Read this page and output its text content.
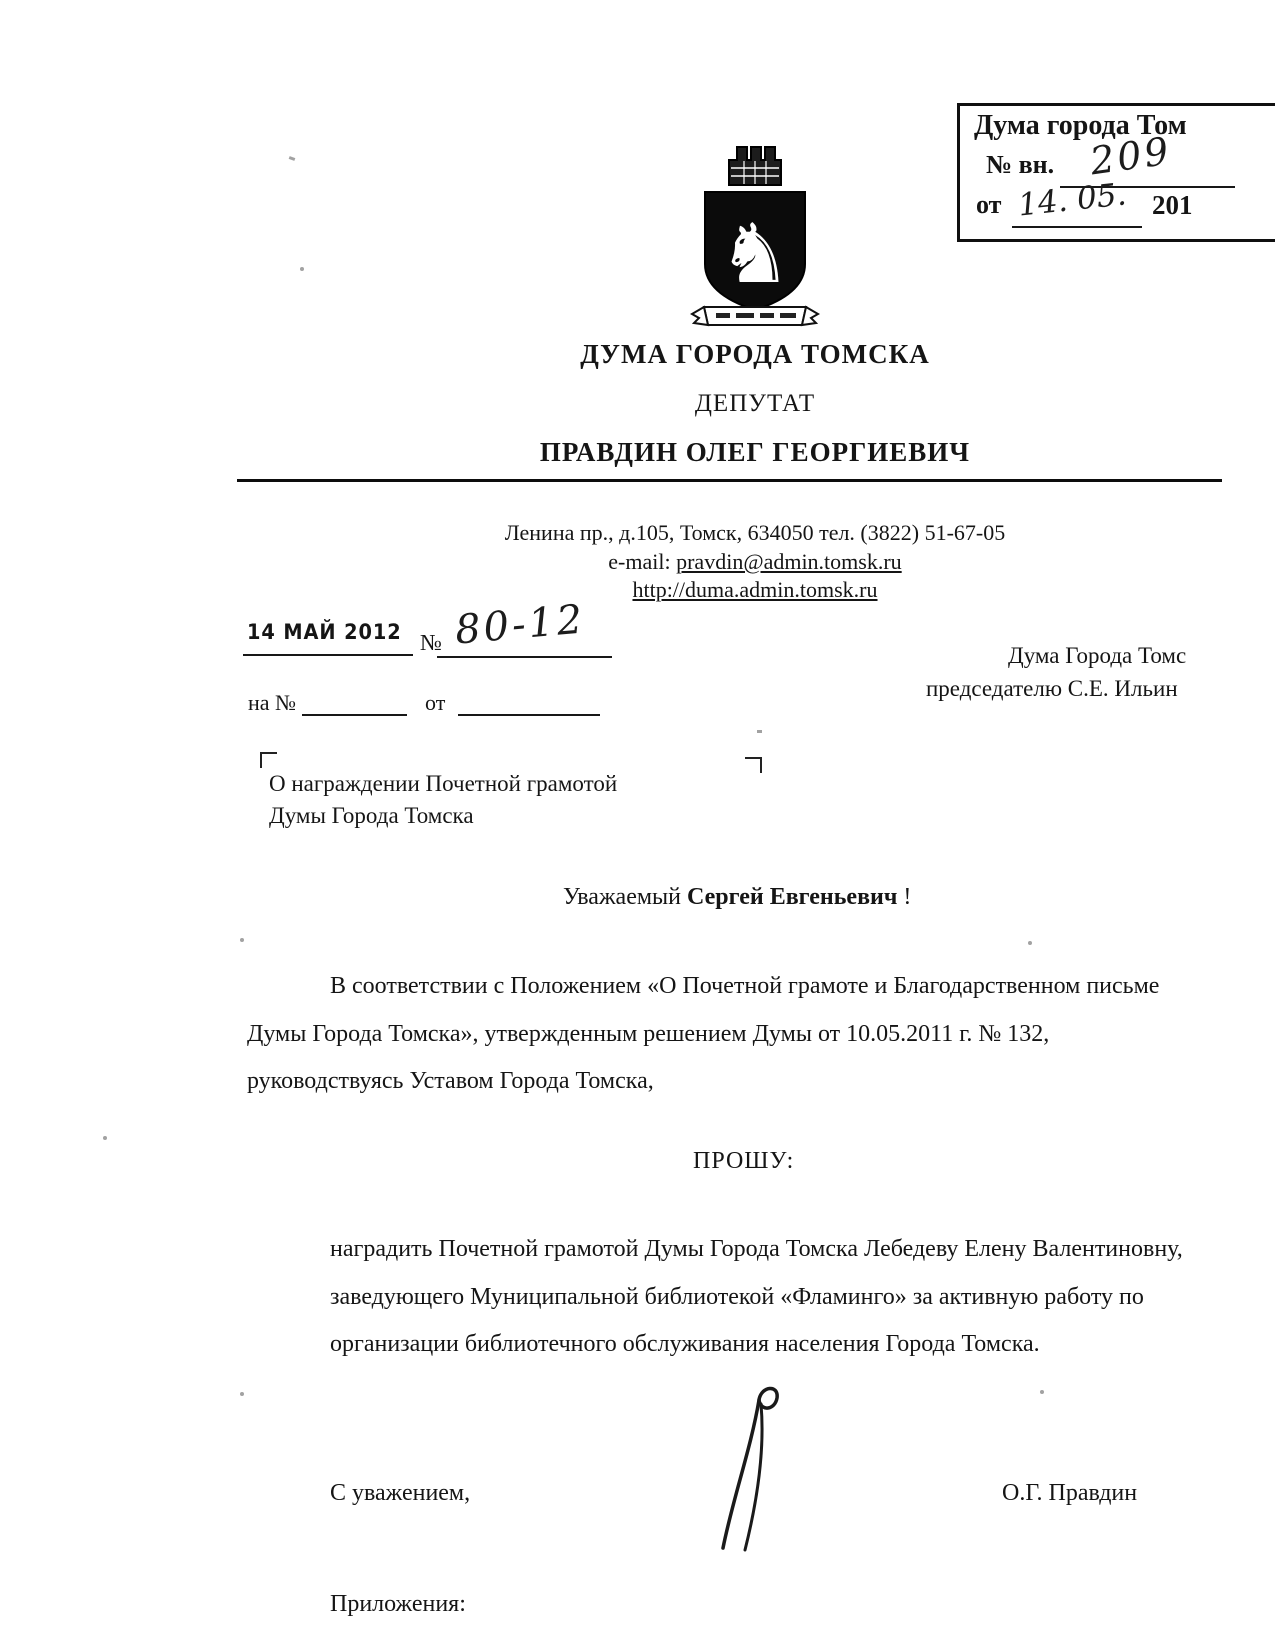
Дума города Том
№ вн. 209
от 14. 05. 201
♞
ДУМА ГОРОДА ТОМСКА
ДЕПУТАТ
ПРАВДИН ОЛЕГ ГЕОРГИЕВИЧ
Ленина пр., д.105, Томск, 634050 тел. (3822) 51-67-05
e-mail: pravdin@admin.tomsk.ru
http://duma.admin.tomsk.ru
14 МАЙ 2012 № 80-12
на №	от
Дума Города Томс
председателю С.Е. Ильин
О награждении Почетной грамотой
Думы Города Томска
Уважаемый Сергей Евгеньевич !
В соответствии с Положением «О Почетной грамоте и Благодарственном письме
Думы Города Томска», утвержденным решением Думы от 10.05.2011 г. № 132,
руководствуясь Уставом Города Томска,
ПРОШУ:
наградить Почетной грамотой Думы Города Томска Лебедеву Елену Валентиновну,
заведующего Муниципальной библиотекой «Фламинго» за активную работу по
организации библиотечного обслуживания населения Города Томска.
С уважением,	О.Г. Правдин
Приложения:
